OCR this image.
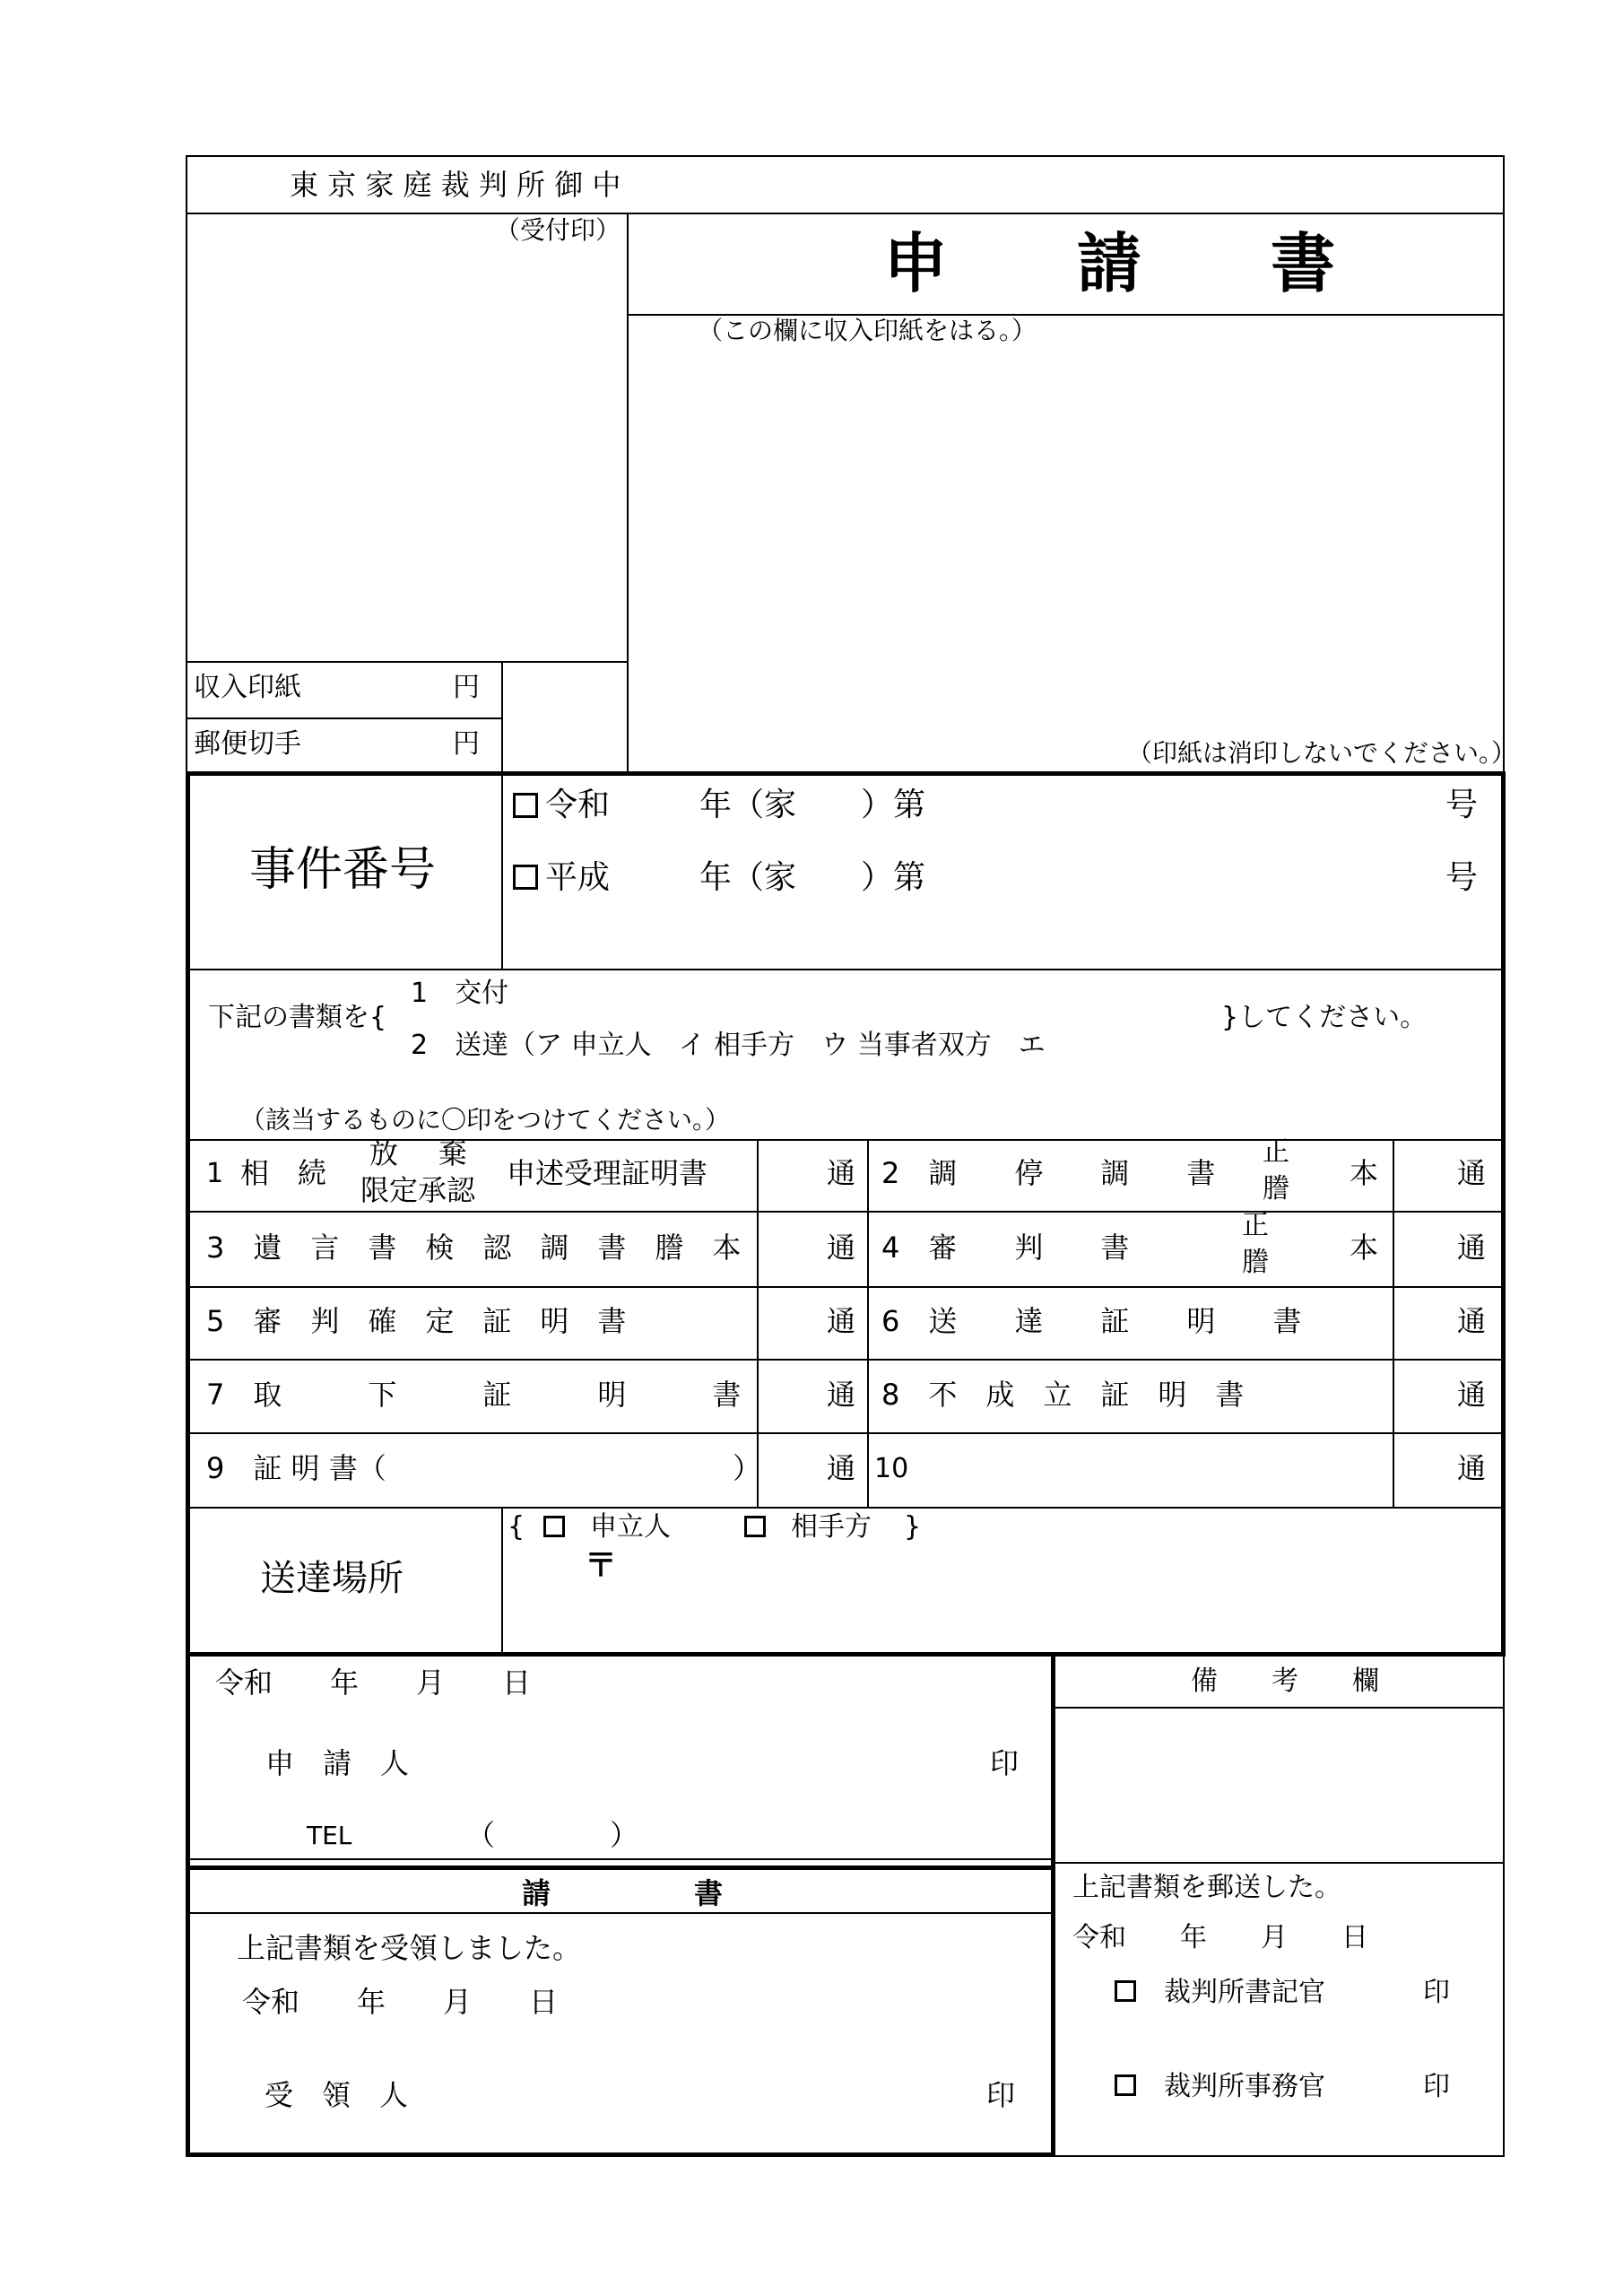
東 京 家 庭 裁 判 所 御 中
（受付印）	申　　請　　書
（この欄に収入印紙をはる。）
（印紙は消印しないでください。）
収入印紙	円
郵便切手	円
事件番号
令和	年（家　　）第	号
平成	年（家　　）第	号
下記の書類を{
1　交付
2　送達（ア 申立人　イ 相手方　ウ 当事者双方　エ
}してください。
（該当するものに〇印をつけてください。）
1 相　続
放　棄
限定承認 申述受理証明書	通 2　調　　停　　調　　書
正
謄 本	通
3　遺　言　書　検　認　調　書　謄　本	通 4　審　　判　　書
正
謄	本	通
5　審　判　確　定　証　明　書	通 6　送　　達　　証　　明　　書	通
7　取　　　下　　　証　　　明　　　書	通 8　不　成　立　証　明　書	通
9　証 明 書（	） 通 10	通
送達場所
{ 申立人	相手方 }
〒
令和　　年　　月　　日
申　請　人	印
TEL	（　　　　）
備　　考　　欄
請　　　　　書
上記書類を受領しました。
令和　　年　　月　　日
受　領　人	印
上記書類を郵送した。
令和　　年　　月　　日
裁判所書記官	印
裁判所事務官	印
